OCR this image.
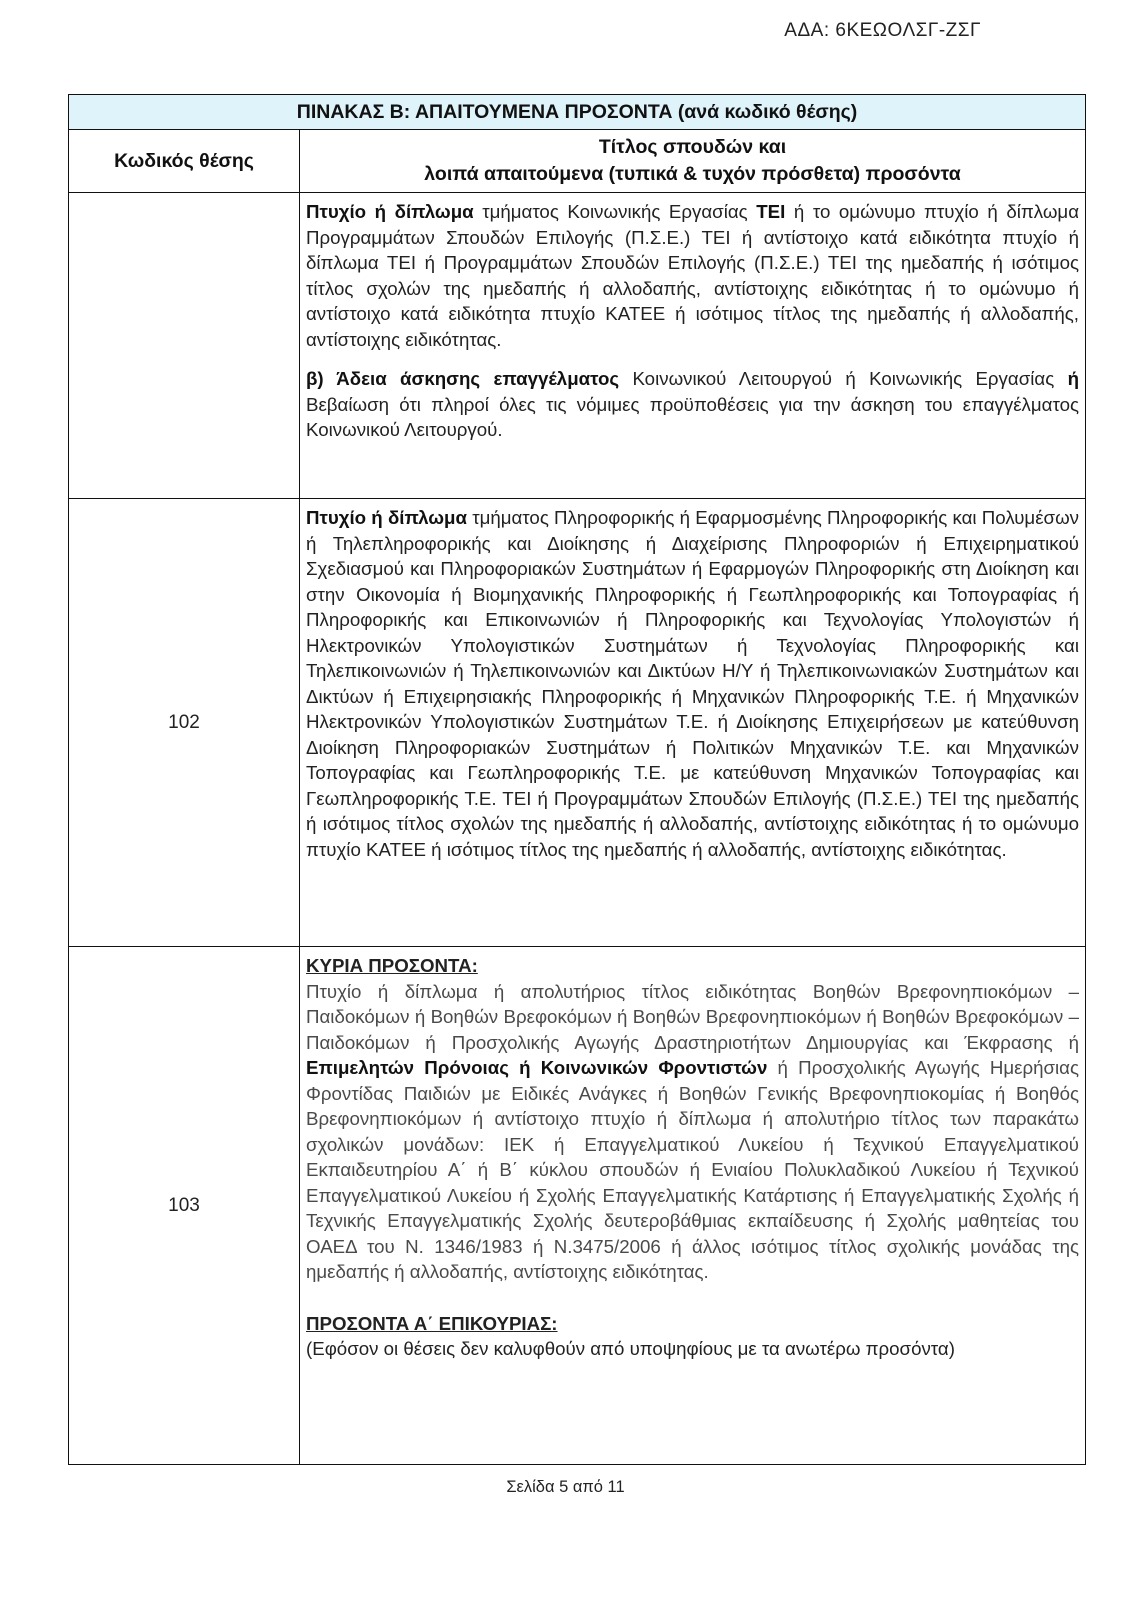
ΑΔΑ: 6ΚΕΩΟΛΣΓ-ΖΣΓ
ΠΙΝΑΚΑΣ Β: ΑΠΑΙΤΟΥΜΕΝΑ ΠΡΟΣΟΝΤΑ (ανά κωδικό θέσης)	
Κωδικός θέσης	Τίτλος σπουδών και
λοιπά απαιτούμενα (τυπικά & τυχόν πρόσθετα) προσόντα

	Πτυχίο ή δίπλωμα τμήματος Κοινωνικής Εργασίας ΤΕΙ ή το ομώνυμο πτυχίο ή δίπλωμα Προγραμμάτων Σπουδών Επιλογής (Π.Σ.Ε.) ΤΕΙ ή αντίστοιχο κατά ειδικότητα πτυχίο ή δίπλωμα ΤΕΙ ή Προγραμμάτων Σπουδών Επιλογής (Π.Σ.Ε.) ΤΕΙ της ημεδαπής ή ισότιμος τίτλος σχολών της ημεδαπής ή αλλοδαπής, αντίστοιχης ειδικότητας ή το ομώνυμο ή αντίστοιχο κατά ειδικότητα πτυχίο ΚΑΤΕΕ ή ισότιμος τίτλος της ημεδαπής ή αλλοδαπής, αντίστοιχης ειδικότητας.

β) Άδεια άσκησης επαγγέλματος Κοινωνικού Λειτουργού ή Κοινωνικής Εργασίας ή Βεβαίωση ότι πληροί όλες τις νόμιμες προϋποθέσεις για την άσκηση του επαγγέλματος Κοινωνικού Λειτουργού.

102	Πτυχίο ή δίπλωμα τμήματος Πληροφορικής ή Εφαρμοσμένης Πληροφορικής και Πολυμέσων ή Τηλεπληροφορικής και Διοίκησης ή Διαχείρισης Πληροφοριών ή Επιχειρηματικού Σχεδιασμού και Πληροφοριακών Συστημάτων ή Εφαρμογών Πληροφορικής στη Διοίκηση και στην Οικονομία ή Βιομηχανικής Πληροφορικής ή Γεωπληροφορικής και Τοπογραφίας ή Πληροφορικής και Επικοινωνιών ή Πληροφορικής και Τεχνολογίας Υπολογιστών ή Ηλεκτρονικών Υπολογιστικών Συστημάτων ή Τεχνολογίας Πληροφορικής και Τηλεπικοινωνιών ή Τηλεπικοινωνιών και Δικτύων Η/Υ ή Τηλεπικοινωνιακών Συστημάτων και Δικτύων ή Επιχειρησιακής Πληροφορικής ή Μηχανικών Πληροφορικής Τ.Ε. ή Μηχανικών Ηλεκτρονικών Υπολογιστικών Συστημάτων Τ.Ε. ή Διοίκησης Επιχειρήσεων με κατεύθυνση Διοίκηση Πληροφοριακών Συστημάτων ή Πολιτικών Μηχανικών Τ.Ε. και Μηχανικών Τοπογραφίας και Γεωπληροφορικής Τ.Ε. με κατεύθυνση Μηχανικών Τοπογραφίας και Γεωπληροφορικής Τ.Ε. ΤΕΙ ή Προγραμμάτων Σπουδών Επιλογής (Π.Σ.Ε.) ΤΕΙ της ημεδαπής ή ισότιμος τίτλος σχολών της ημεδαπής ή αλλοδαπής, αντίστοιχης ειδικότητας ή το ομώνυμο πτυχίο ΚΑΤΕΕ ή ισότιμος τίτλος της ημεδαπής ή αλλοδαπής, αντίστοιχης ειδικότητας.

103	ΚΥΡΙΑ ΠΡΟΣΟΝΤΑ:

Πτυχίο ή δίπλωμα ή απολυτήριος τίτλος ειδικότητας Βοηθών Βρεφονηπιοκόμων – Παιδοκόμων ή Βοηθών Βρεφοκόμων ή Βοηθών Βρεφονηπιοκόμων ή Βοηθών Βρεφοκόμων – Παιδοκόμων ή Προσχολικής Αγωγής Δραστηριοτήτων Δημιουργίας και Έκφρασης ή Επιμελητών Πρόνοιας ή Κοινωνικών Φροντιστών ή Προσχολικής Αγωγής Ημερήσιας Φροντίδας Παιδιών με Ειδικές Ανάγκες ή Βοηθών Γενικής Βρεφονηπιοκομίας ή Βοηθός Βρεφονηπιοκόμων ή αντίστοιχο πτυχίο ή δίπλωμα ή απολυτήριο τίτλος των παρακάτω σχολικών μονάδων: ΙΕΚ ή Επαγγελματικού Λυκείου ή Τεχνικού Επαγγελματικού Εκπαιδευτηρίου Α΄ ή Β΄ κύκλου σπουδών ή Ενιαίου Πολυκλαδικού Λυκείου ή Τεχνικού Επαγγελματικού Λυκείου ή Σχολής Επαγγελματικής Κατάρτισης ή Επαγγελματικής Σχολής ή Τεχνικής Επαγγελματικής Σχολής δευτεροβάθμιας εκπαίδευσης ή Σχολής μαθητείας του ΟΑΕΔ του Ν. 1346/1983 ή Ν.3475/2006 ή άλλος ισότιμος τίτλος σχολικής μονάδας της ημεδαπής ή αλλοδαπής, αντίστοιχης ειδικότητας.

ΠΡΟΣΟΝΤΑ Α΄ ΕΠΙΚΟΥΡΙΑΣ:

(Εφόσον οι θέσεις δεν καλυφθούν από υποψηφίους με τα ανωτέρω προσόντα)

Σελίδα 5 από 11
